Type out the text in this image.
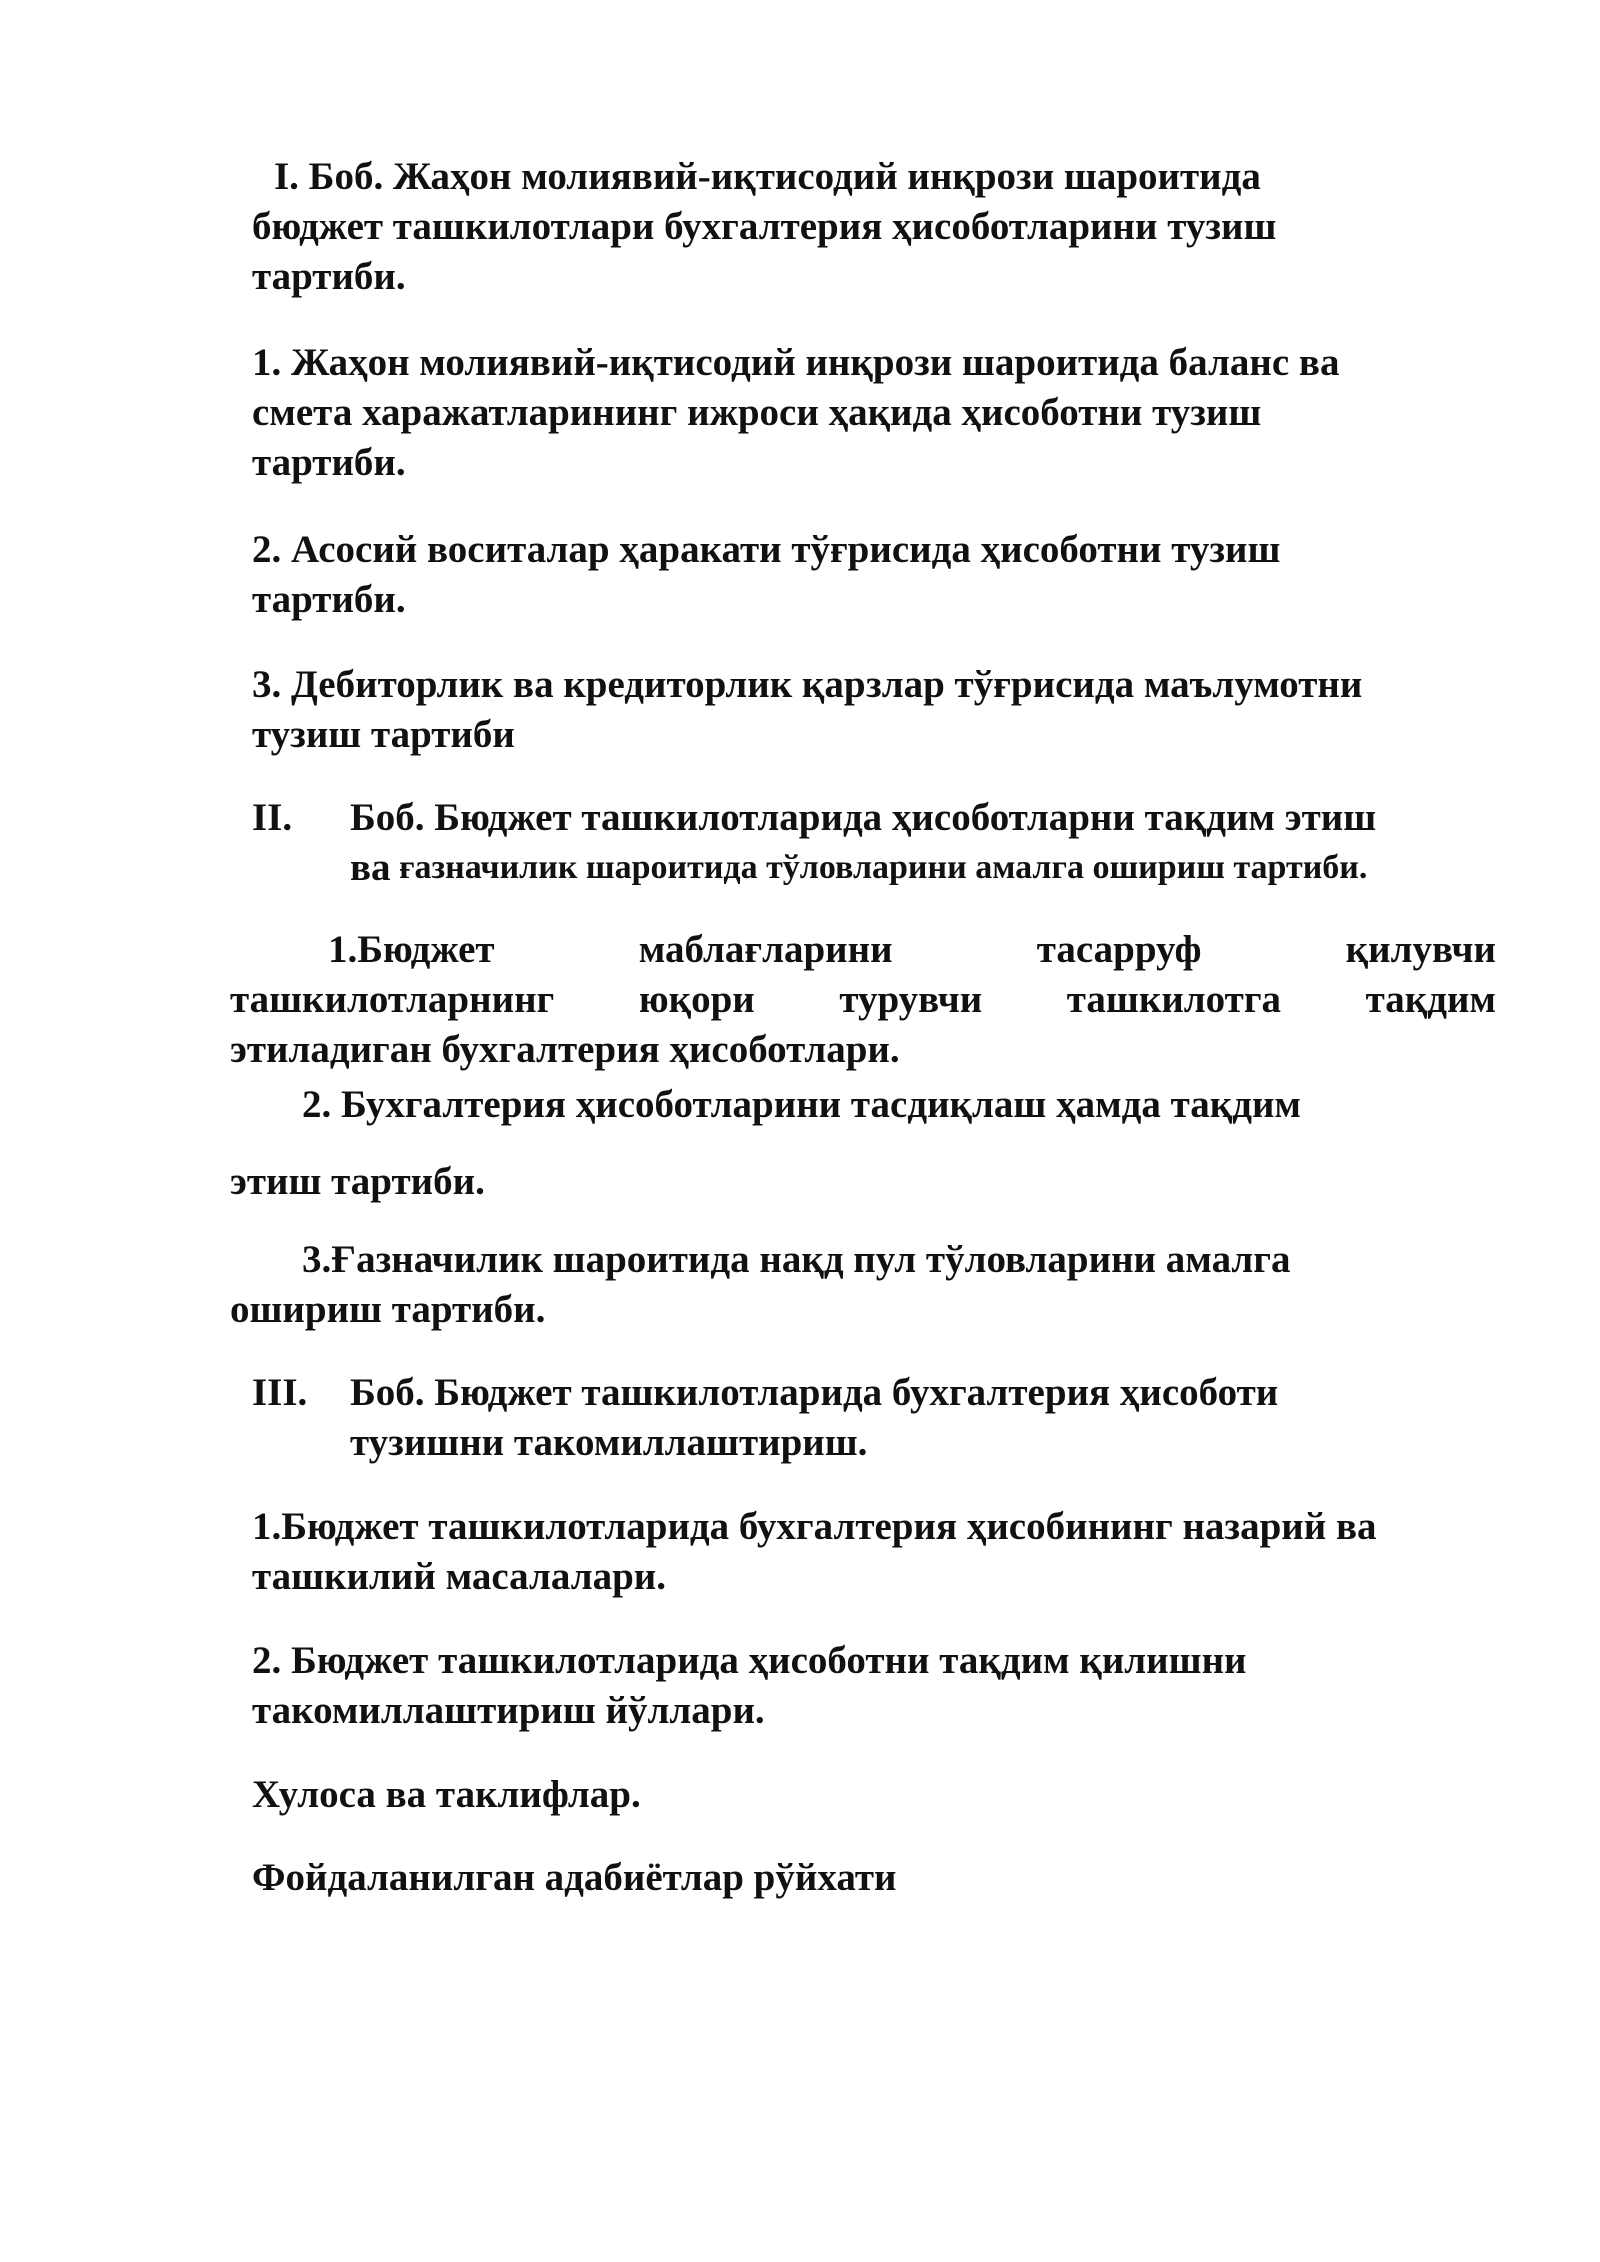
I. Боб. Жаҳон молиявий-иқтисодий инқрози шароитида
бюджет ташкилотлари бухгалтерия ҳисоботларини тузиш
тартиби.
1. Жаҳон молиявий-иқтисодий инқрози шароитида баланс ва
смета харажатларининг ижроси ҳақида ҳисоботни тузиш
тартиби.
2. Асосий воситалар ҳаракати тўғрисида ҳисоботни тузиш
тартиби.
3. Дебиторлик ва кредиторлик қарзлар тўғрисида маълумотни
тузиш тартиби
II.	Боб. Бюджет ташкилотларида ҳисоботларни тақдим этиш
ва ғазначилик шароитида тўловларини амалга ошириш тартиби.
1.Бюджет	маблағларини	тасарруф	қилувчи
ташкилотларнинг юқори турувчи ташкилотга тақдим
этиладиган бухгалтерия ҳисоботлари.
2. Бухгалтерия ҳисоботларини тасдиқлаш ҳамда тақдим
этиш тартиби.
3.Ғазначилик шароитида нақд пул тўловларини амалга
ошириш тартиби.
III.	Боб. Бюджет ташкилотларида бухгалтерия ҳисоботи
тузишни такомиллаштириш.
1.Бюджет ташкилотларида бухгалтерия ҳисобининг назарий ва
ташкилий масалалари.
2. Бюджет ташкилотларида ҳисоботни тақдим қилишни
такомиллаштириш йўллари.
Хулоса ва таклифлар.
Фойдаланилган адабиётлар рўйхати
